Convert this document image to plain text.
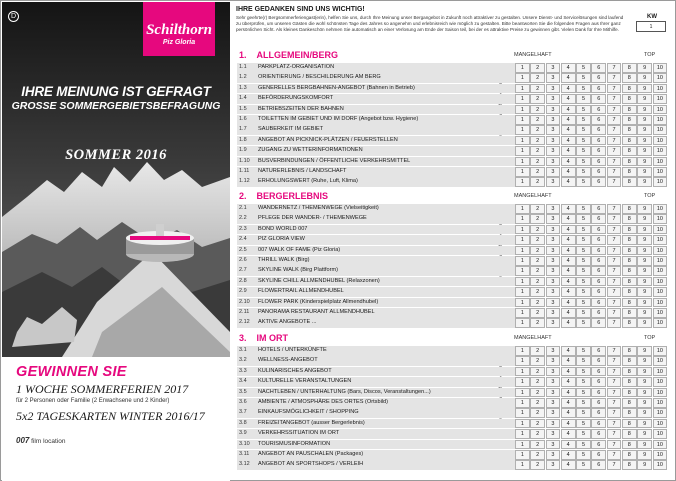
D
Schilthorn
Piz Gloria
IHRE MEINUNG IST GEFRAGT
GROSSE SOMMERGEBIETSBEFRAGUNG
SOMMER 2016
GEWINNEN SIE
1 WOCHE SOMMERFERIEN 2017
für 2 Personen oder Familie (2 Erwachsene und 2 Kinder)
5x2 TAGESKARTEN WINTER 2016/17
007 film location
IHRE GEDANKEN SIND UNS WICHTIG!
Sehr geehrte(r) Bergsommerferiengast(erin), helfen Sie uns, durch Ihre Meinung unser Bergangebot in Zukunft noch attraktiver zu gestalten. Unsere Dienst- und Servicelösungen sind laufend zu überprüfen, um unseren Gästen die wohl schönsten Tage des Jahres so angenehm und erlebnisreich wie möglich zu gestalten. Bitte beantworten Sie die folgenden Fragen aus Ihrer ganz persönlichen Sicht. Als kleines Dankeschön nehmen Sie automatisch an einer Verlosung am Ende der Saison teil, bei der es attraktive Preise zu gewinnen gibt. Vielen Dank für Ihre Mithilfe.
KW
1
1. ALLGEMEIN/BERG	MANGELHAFT	TOP
1.1 PARKPLATZ-ORGANISATION	1	2	3	4	5	6	7	8	9	10
1.2 ORIENTIERUNG / BESCHILDERUNG AM BERG	1	2	3	4	5	6	7	8	9	10
1.3 GENERELLES BERGBAHNEN-ANGEBOT (Bahnen in Betrieb)	1	2	3	4	5	6	7	8	9	10
1.4 BEFÖRDERUNGSKOMFORT	1	2	3	4	5	6	7	8	9	10
1.5 BETRIEBSZEITEN DER BAHNEN	1	2	3	4	5	6	7	8	9	10
1.6 TOILETTEN IM GEBIET UND IM DORF (Angebot bzw. Hygiene)	1	2	3	4	5	6	7	8	9	10
1.7 SAUBERKEIT IM GEBIET	1	2	3	4	5	6	7	8	9	10
1.8 ANGEBOT AN PICKNICK-PLÄTZEN / FEUERSTELLEN	1	2	3	4	5	6	7	8	9	10
1.9 ZUGANG ZU WETTERINFORMATIONEN	1	2	3	4	5	6	7	8	9	10
1.10 BUSVERBINDUNGEN / ÖFFENTLICHE VERKEHRSMITTEL	1	2	3	4	5	6	7	8	9	10
1.11 NATURERLEBNIS / LANDSCHAFT	1	2	3	4	5	6	7	8	9	10
1.12 ERHOLUNGSWERT (Ruhe, Luft, Klima)	1	2	3	4	5	6	7	8	9	10
2. BERGERLEBNIS	MANGELHAFT	TOP
2.1 WANDERNETZ / THEMENWEGE (Vielseitigkeit)	1	2	3	4	5	6	7	8	9	10
2.2 PFLEGE DER WANDER- / THEMENWEGE	1	2	3	4	5	6	7	8	9	10
2.3 BOND WORLD 007	1	2	3	4	5	6	7	8	9	10
2.4 PIZ GLORIA VIEW	1	2	3	4	5	6	7	8	9	10
2.5 007 WALK OF FAME (Piz Gloria)	1	2	3	4	5	6	7	8	9	10
2.6 THRILL WALK (Birg)	1	2	3	4	5	6	7	8	9	10
2.7 SKYLINE WALK (Birg Plattform)	1	2	3	4	5	6	7	8	9	10
2.8 SKYLINE CHILL ALLMENDHUBEL (Relaxzonen)	1	2	3	4	5	6	7	8	9	10
2.9 FLOWERTRAIL ALLMENDHUBEL	1	2	3	4	5	6	7	8	9	10
2.10 FLOWER PARK (Kinderspielplatz Allmendhubel)	1	2	3	4	5	6	7	8	9	10
2.11 PANORAMA RESTAURANT ALLMENDHUBEL	1	2	3	4	5	6	7	8	9	10
2.12 AKTIVE ANGEBOTE ...	1	2	3	4	5	6	7	8	9	10
3. IM ORT	MANGELHAFT	TOP
3.1 HOTELS / UNTERKÜNFTE	1	2	3	4	5	6	7	8	9	10
3.2 WELLNESS-ANGEBOT	1	2	3	4	5	6	7	8	9	10
3.3 KULINARISCHES ANGEBOT	1	2	3	4	5	6	7	8	9	10
3.4 KULTURELLE VERANSTALTUNGEN	1	2	3	4	5	6	7	8	9	10
3.5 NACHTLEBEN / UNTERHALTUNG (Bars, Discos, Veranstaltungen...)	1	2	3	4	5	6	7	8	9	10
3.6 AMBIENTE / ATMOSPHÄRE DES ORTES (Ortsbild)	1	2	3	4	5	6	7	8	9	10
3.7 EINKAUFSMÖGLICHKEIT / SHOPPING	1	2	3	4	5	6	7	8	9	10
3.8 FREIZEITANGEBOT (ausser Bergerlebnis)	1	2	3	4	5	6	7	8	9	10
3.9 VERKEHRSSITUATION IM ORT	1	2	3	4	5	6	7	8	9	10
3.10 TOURISMUSINFORMATION	1	2	3	4	5	6	7	8	9	10
3.11 ANGEBOT AN PAUSCHALEN (Packages)	1	2	3	4	5	6	7	8	9	10
3.12 ANGEBOT AN SPORTSHOPS / VERLEIH	1	2	3	4	5	6	7	8	9	10
